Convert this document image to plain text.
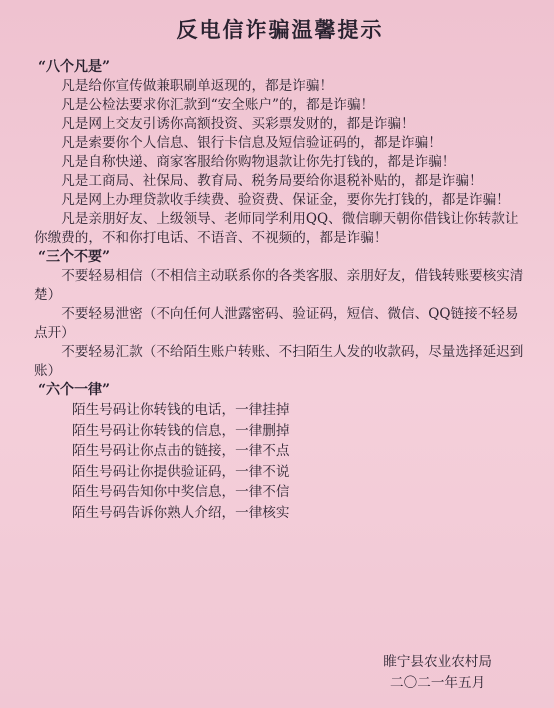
反电信诈骗温馨提示
“八个凡是”

凡是给你宣传做兼职刷单返现的，都是诈骗！

凡是公检法要求你汇款到“安全账户”的，都是诈骗！

凡是网上交友引诱你高额投资、买彩票发财的，都是诈骗！

凡是索要你个人信息、银行卡信息及短信验证码的，都是诈骗！

凡是自称快递、商家客服给你购物退款让你先打钱的，都是诈骗！

凡是工商局、社保局、教育局、税务局要给你退税补贴的，都是诈骗！

凡是网上办理贷款收手续费、验资费、保证金，要你先打钱的，都是诈骗！

凡是亲朋好友、上级领导、老师同学利用QQ、微信聊天朝你借钱让你转款让你缴费的，不和你打电话、不语音、不视频的，都是诈骗！

“三个不要”

不要轻易相信（不相信主动联系你的各类客服、亲朋好友，借钱转账要核实清楚）

不要轻易泄密（不向任何人泄露密码、验证码，短信、微信、QQ链接不轻易点开）

不要轻易汇款（不给陌生账户转账、不扫陌生人发的收款码，尽量选择延迟到账）

“六个一律”

陌生号码让你转钱的电话，一律挂掉

陌生号码让你转钱的信息，一律删掉

陌生号码让你点击的链接，一律不点

陌生号码让你提供验证码，一律不说

陌生号码告知你中奖信息，一律不信

陌生号码告诉你熟人介绍，一律核实

睢宁县农业农村局
二〇二一年五月
